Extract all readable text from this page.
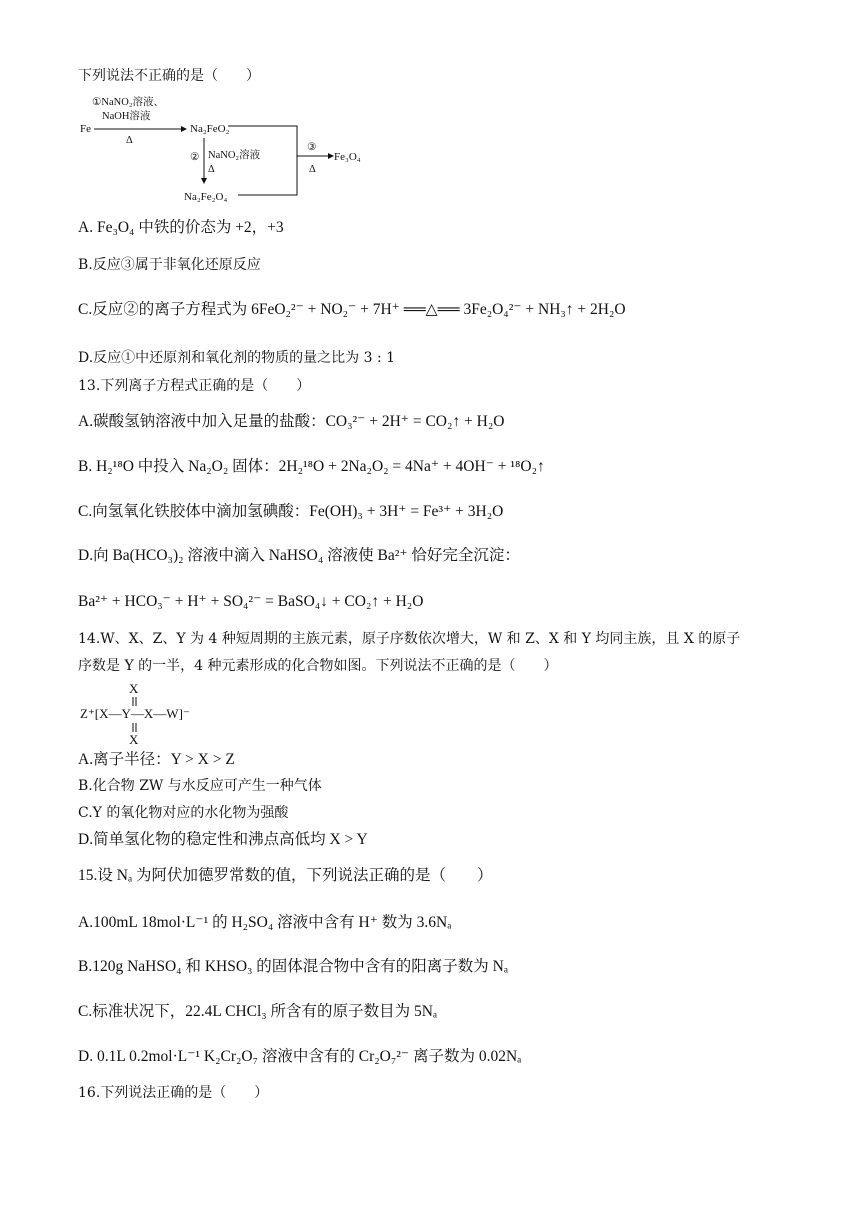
下列说法不正确的是（　　）
Fe
①NaNO₂溶液、
NaOH溶液
Δ
Na₂FeO₂
② NaNO₂溶液
Δ
Na₂Fe₂O₄
③
Δ
Fe₃O₄
A. Fe₃O₄ 中铁的价态为 +2，+3
B.反应③属于非氧化还原反应
C.反应②的离子方程式为 6FeO₂²⁻ + NO₂⁻ + 7H⁺ ══△══ 3Fe₂O₄²⁻ + NH₃↑ + 2H₂O
D.反应①中还原剂和氧化剂的物质的量之比为 3 : 1
13.下列离子方程式正确的是（　　）
A.碳酸氢钠溶液中加入足量的盐酸：CO₃²⁻ + 2H⁺ = CO₂↑ + H₂O
B. H₂¹⁸O 中投入 Na₂O₂ 固体：2H₂¹⁸O + 2Na₂O₂ = 4Na⁺ + 4OH⁻ + ¹⁸O₂↑
C.向氢氧化铁胶体中滴加氢碘酸：Fe(OH)₃ + 3H⁺ = Fe³⁺ + 3H₂O
D.向 Ba(HCO₃)₂ 溶液中滴入 NaHSO₄ 溶液使 Ba²⁺ 恰好完全沉淀：
Ba²⁺ + HCO₃⁻ + H⁺ + SO₄²⁻ = BaSO₄↓ + CO₂↑ + H₂O
14.W、X、Z、Y 为 4 种短周期的主族元素，原子序数依次增大，W 和 Z、X 和 Y 均同主族，且 X 的原子
序数是 Y 的一半，4 种元素形成的化合物如图。下列说法不正确的是（　　）
X
Z⁺[X—Y—X—W]⁻
X
A.离子半径：Y > X > Z
B.化合物 ZW 与水反应可产生一种气体
C.Y 的氧化物对应的水化物为强酸
D.简单氢化物的稳定性和沸点高低均 X > Y
15.设 Nₐ 为阿伏加德罗常数的值，下列说法正确的是（　　）
A.100mL 18mol·L⁻¹ 的 H₂SO₄ 溶液中含有 H⁺ 数为 3.6Nₐ
B.120g NaHSO₄ 和 KHSO₃ 的固体混合物中含有的阳离子数为 Nₐ
C.标准状况下，22.4L CHCl₃ 所含有的原子数目为 5Nₐ
D. 0.1L 0.2mol·L⁻¹ K₂Cr₂O₇ 溶液中含有的 Cr₂O₇²⁻ 离子数为 0.02Nₐ
16.下列说法正确的是（　　）
